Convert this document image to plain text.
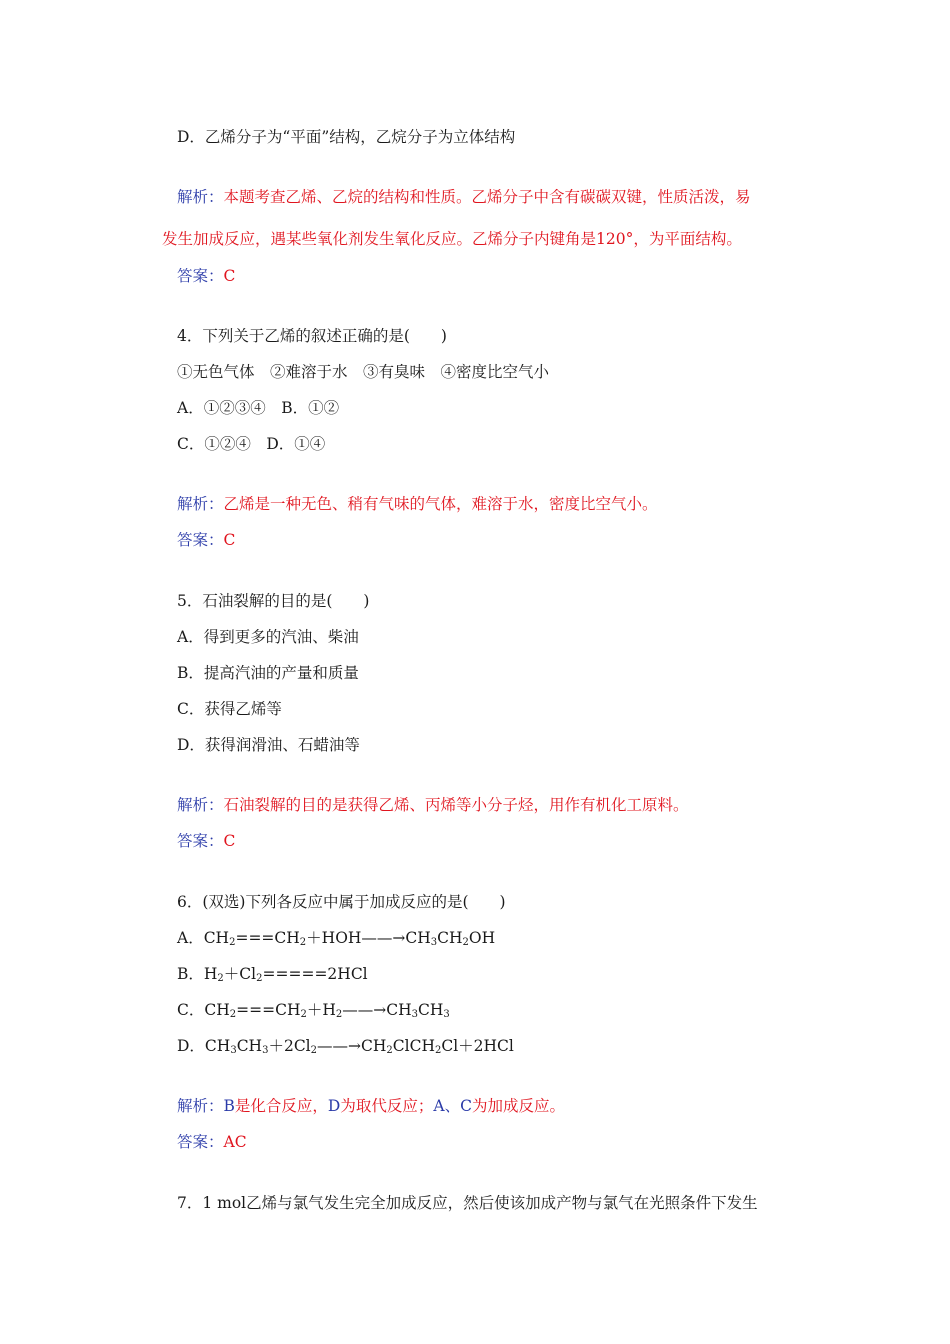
D．乙烯分子为“平面”结构，乙烷分子为立体结构
解析：本题考查乙烯、乙烷的结构和性质。乙烯分子中含有碳碳双键，性质活泼，易
发生加成反应，遇某些氧化剂发生氧化反应。乙烯分子内键角是120°，为平面结构。
答案：C
4．下列关于乙烯的叙述正确的是(　　)
①无色气体　②难溶于水　③有臭味　④密度比空气小
A．①②③④　B．①②
C．①②④　D．①④
解析：乙烯是一种无色、稍有气味的气体，难溶于水，密度比空气小。
答案：C
5．石油裂解的目的是(　　)
A．得到更多的汽油、柴油
B．提高汽油的产量和质量
C．获得乙烯等
D．获得润滑油、石蜡油等
解析：石油裂解的目的是获得乙烯、丙烯等小分子烃，用作有机化工原料。
答案：C
6．(双选)下列各反应中属于加成反应的是(　　)
A．$CH_2===CH_2+HOH——\to CH_3CH_2OH$
B．$H_2+Cl_2=====2HCl$
C．$CH_2===CH_2+H_2——\to CH_3CH_3$
D．$CH_3CH_3+2Cl_2——\to CH_2ClCH_2Cl+2HCl$
解析：B是化合反应，D为取代反应；A、C为加成反应。
答案：AC
7．1 mol乙烯与氯气发生完全加成反应，然后使该加成产物与氯气在光照条件下发生
